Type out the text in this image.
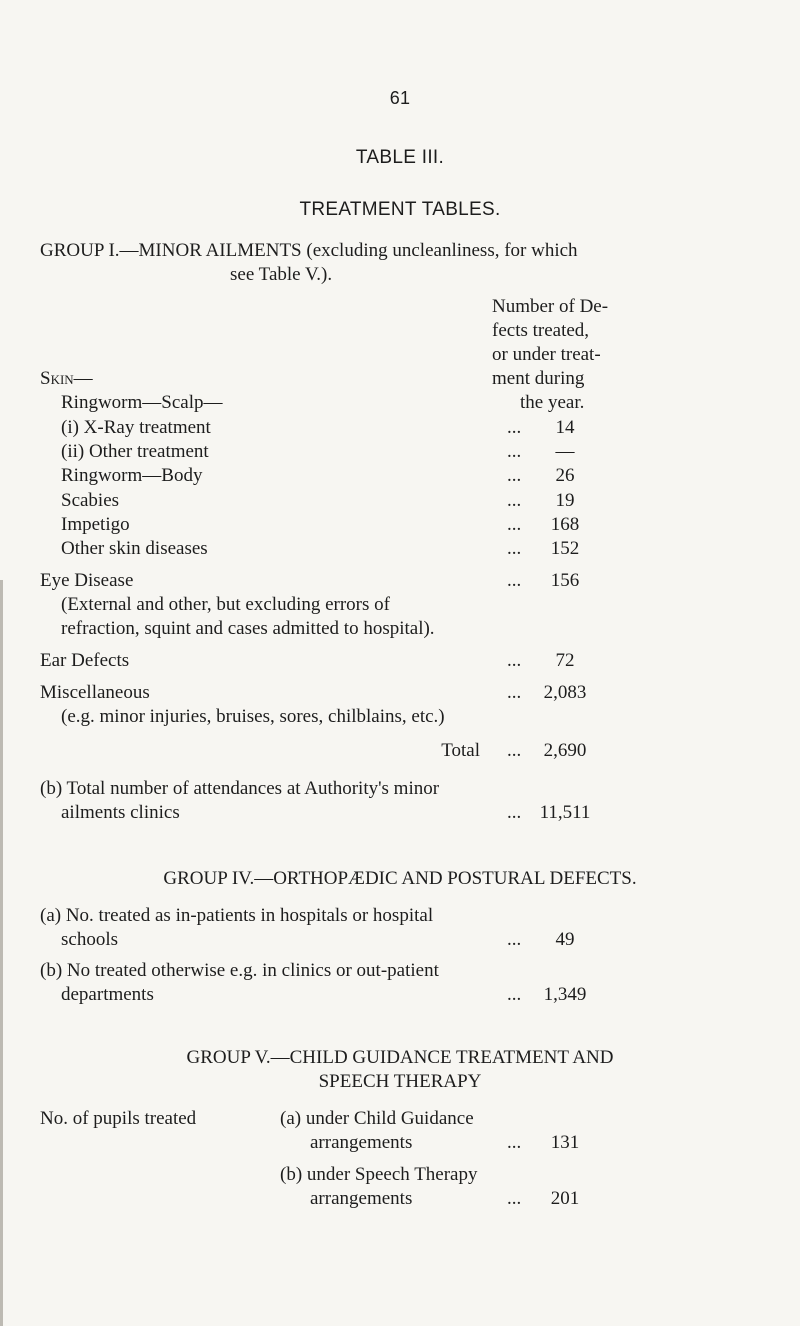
61
TABLE III.
TREATMENT TABLES.
GROUP I.—MINOR AILMENTS (excluding uncleanliness, for which
see Table V.).
Number of De-
fects treated,
or under treat-
ment during
the year.
Skin—
Ringworm—Scalp—
(i) X-Ray treatment	...	14
(ii) Other treatment	...	—
Ringworm—Body	...	26
Scabies	...	19
Impetigo	...	168
Other skin diseases	...	152
Eye Disease	...	156
(External and other, but excluding errors of
refraction, squint and cases admitted to hospital).
Ear Defects	...	72
Miscellaneous	...	2,083
(e.g. minor injuries, bruises, sores, chilblains, etc.)
Total ...	2,690
(b) Total number of attendances at Authority's minor
ailments clinics	... 11,511
GROUP IV.—ORTHOPÆDIC AND POSTURAL DEFECTS.
(a) No. treated as in-patients in hospitals or hospital
schools	...	49
(b) No treated otherwise e.g. in clinics or out-patient
departments	...	1,349
GROUP V.—CHILD GUIDANCE TREATMENT AND
SPEECH THERAPY
No. of pupils treated	(a) under Child Guidance
arrangements	...	131
(b) under Speech Therapy
arrangements	...	201
